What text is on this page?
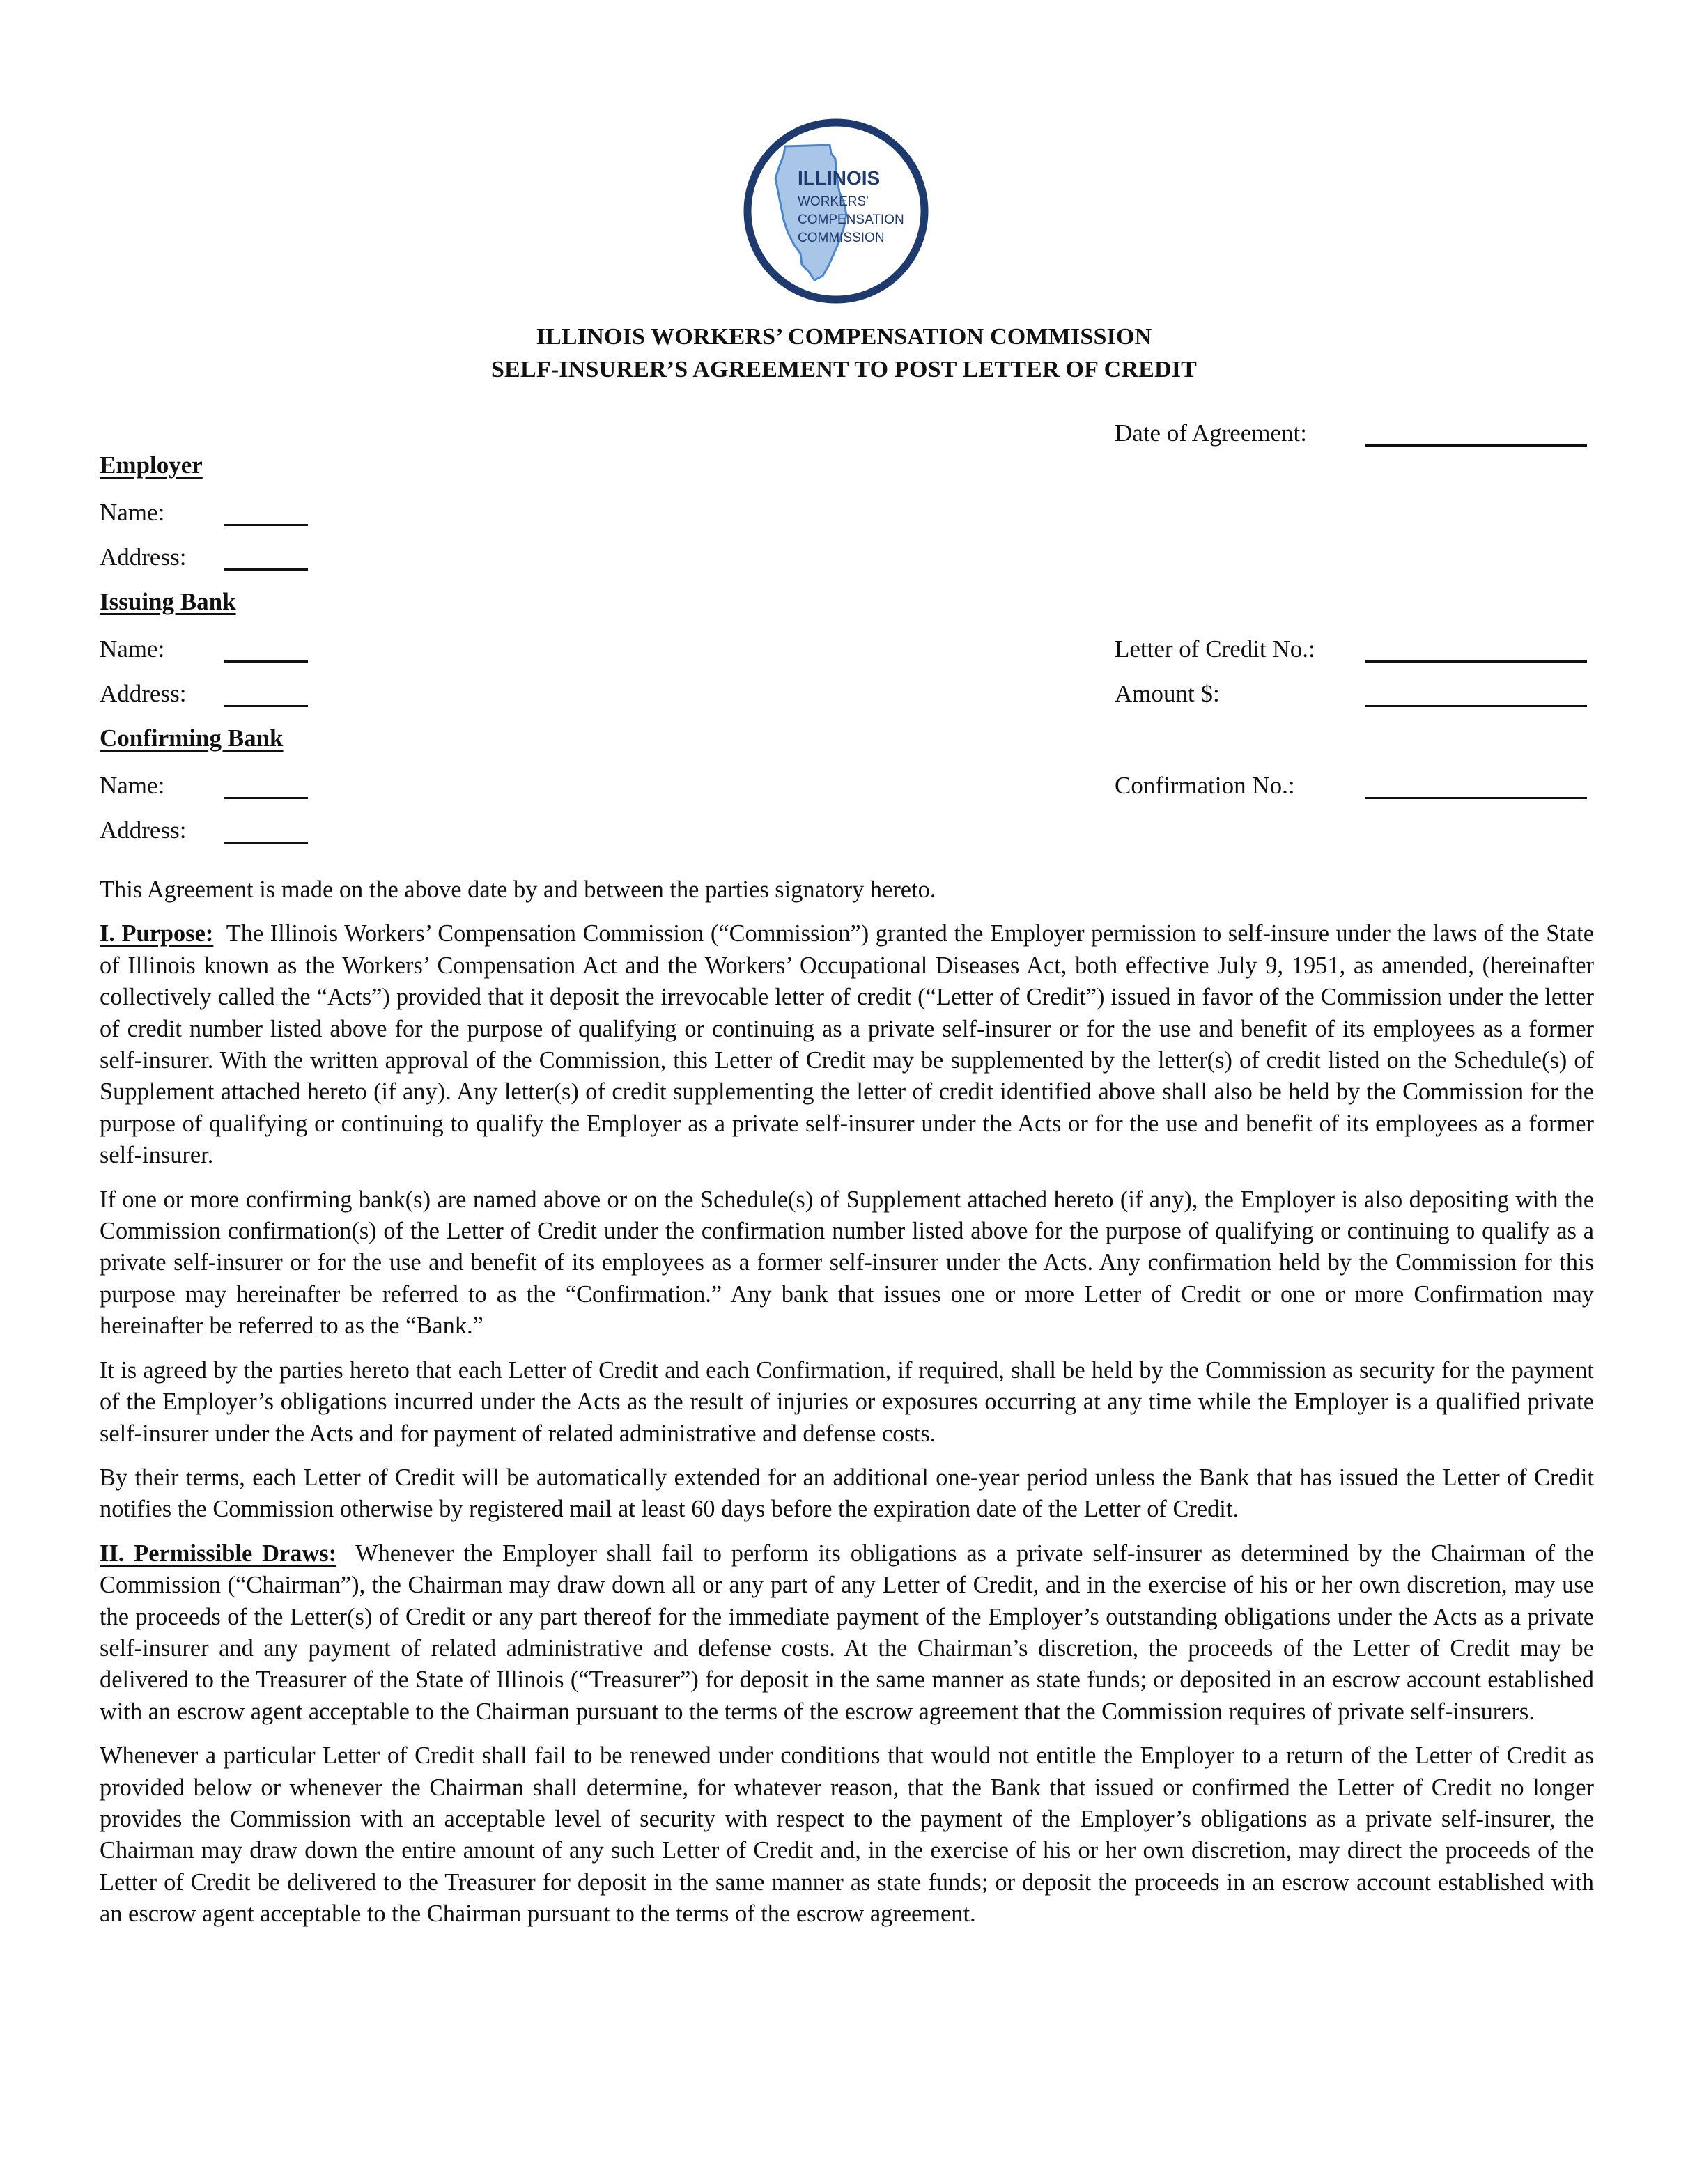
ILLINOIS
WORKERS'
COMPENSATION
COMMISSION
ILLINOIS WORKERS’ COMPENSATION COMMISSION
SELF-INSURER’S AGREEMENT TO POST LETTER OF CREDIT
Date of Agreement:
Employer
Name:
Address:
Issuing Bank
Name:
Address:
Letter of Credit No.:
Amount $:
Confirming Bank
Name:
Address:
Confirmation No.:

This Agreement is made on the above date by and between the parties signatory hereto.

I. Purpose: The Illinois Workers’ Compensation Commission (“Commission”) granted the Employer permission to self-insure under the laws of the State of Illinois known as the Workers’ Compensation Act and the Workers’ Occupational Diseases Act, both effective July 9, 1951, as amended, (hereinafter collectively called the “Acts”) provided that it deposit the irrevocable letter of credit (“Letter of Credit”) issued in favor of the Commission under the letter of credit number listed above for the purpose of qualifying or continuing as a private self-insurer or for the use and benefit of its employees as a former self-insurer. With the written approval of the Commission, this Letter of Credit may be supplemented by the letter(s) of credit listed on the Schedule(s) of Supplement attached hereto (if any). Any letter(s) of credit supplementing the letter of credit identified above shall also be held by the Commission for the purpose of qualifying or continuing to qualify the Employer as a private self-insurer under the Acts or for the use and benefit of its employees as a former self-insurer.

If one or more confirming bank(s) are named above or on the Schedule(s) of Supplement attached hereto (if any), the Employer is also depositing with the Commission confirmation(s) of the Letter of Credit under the confirmation number listed above for the purpose of qualifying or continuing to qualify as a private self-insurer or for the use and benefit of its employees as a former self-insurer under the Acts. Any confirmation held by the Commission for this purpose may hereinafter be referred to as the “Confirmation.” Any bank that issues one or more Letter of Credit or one or more Confirmation may hereinafter be referred to as the “Bank.”

It is agreed by the parties hereto that each Letter of Credit and each Confirmation, if required, shall be held by the Commission as security for the payment of the Employer’s obligations incurred under the Acts as the result of injuries or exposures occurring at any time while the Employer is a qualified private self-insurer under the Acts and for payment of related administrative and defense costs.

By their terms, each Letter of Credit will be automatically extended for an additional one-year period unless the Bank that has issued the Letter of Credit notifies the Commission otherwise by registered mail at least 60 days before the expiration date of the Letter of Credit.

II. Permissible Draws: Whenever the Employer shall fail to perform its obligations as a private self-insurer as determined by the Chairman of the Commission (“Chairman”), the Chairman may draw down all or any part of any Letter of Credit, and in the exercise of his or her own discretion, may use the proceeds of the Letter(s) of Credit or any part thereof for the immediate payment of the Employer’s outstanding obligations under the Acts as a private self-insurer and any payment of related administrative and defense costs. At the Chairman’s discretion, the proceeds of the Letter of Credit may be delivered to the Treasurer of the State of Illinois (“Treasurer”) for deposit in the same manner as state funds; or deposited in an escrow account established with an escrow agent acceptable to the Chairman pursuant to the terms of the escrow agreement that the Commission requires of private self-insurers.

Whenever a particular Letter of Credit shall fail to be renewed under conditions that would not entitle the Employer to a return of the Letter of Credit as provided below or whenever the Chairman shall determine, for whatever reason, that the Bank that issued or confirmed the Letter of Credit no longer provides the Commission with an acceptable level of security with respect to the payment of the Employer’s obligations as a private self-insurer, the Chairman may draw down the entire amount of any such Letter of Credit and, in the exercise of his or her own discretion, may direct the proceeds of the Letter of Credit be delivered to the Treasurer for deposit in the same manner as state funds; or deposit the proceeds in an escrow account established with an escrow agent acceptable to the Chairman pursuant to the terms of the escrow agreement.
